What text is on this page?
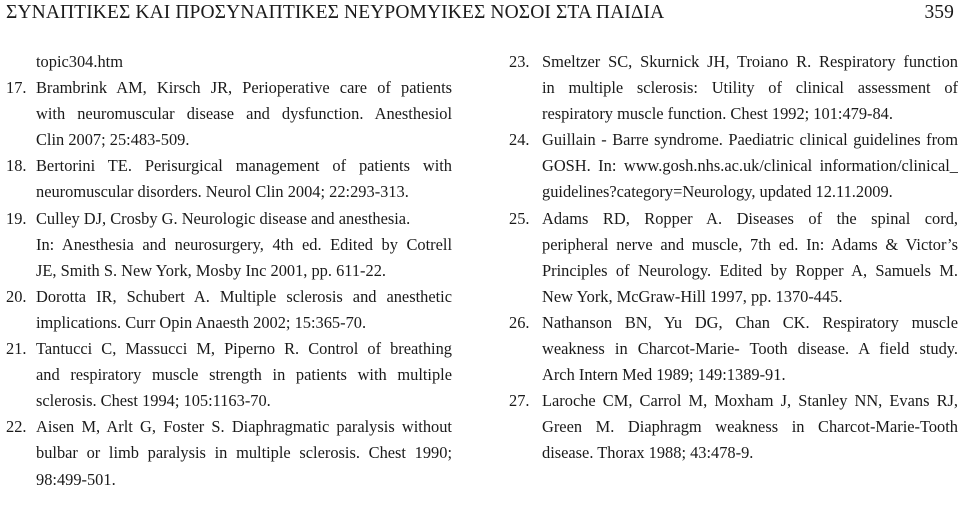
ΣΥΝΑΠΤΙΚΕΣ ΚΑΙ ΠΡΟΣΥΝΑΠΤΙΚΕΣ ΝΕΥΡΟΜΥΙΚΕΣ ΝΟΣΟΙ ΣΤΑ ΠΑΙΔΙΑ	359
topic304.htm
17. Brambrink AM, Kirsch JR, Perioperative care of patients
with neuromuscular disease and dysfunction. Anesthesiol
Clin 2007; 25:483-509.
18. Bertorini TE. Perisurgical management of patients with
neuromuscular disorders. Neurol Clin 2004; 22:293-313.
19. Culley DJ, Crosby G. Neurologic disease and anesthesia.
In: Anesthesia and neurosurgery, 4th ed. Edited by Cotrell
JE, Smith S. New York, Mosby Inc 2001, pp. 611-22.
20. Dorotta IR, Schubert A. Multiple sclerosis and anesthetic
implications. Curr Opin Anaesth 2002; 15:365-70.
21. Tantucci C, Massucci M, Piperno R. Control of breathing
and respiratory muscle strength in patients with multiple
sclerosis. Chest 1994; 105:1163-70.
22. Aisen M, Arlt G, Foster S. Diaphragmatic paralysis without
bulbar or limb paralysis in multiple sclerosis. Chest 1990;
98:499-501.
23. Smeltzer SC, Skurnick JH, Troiano R. Respiratory function
in multiple sclerosis: Utility of clinical assessment of
respiratory muscle function. Chest 1992; 101:479-84.
24. Guillain - Barre syndrome. Paediatric clinical guidelines from
GOSH. In: www.gosh.nhs.ac.uk/clinical information/clinical_
guidelines?category=Neurology, updated 12.11.2009.
25. Adams RD, Ropper A. Diseases of the spinal cord,
peripheral nerve and muscle, 7th ed. In: Adams & Victor’s
Principles of Neurology. Edited by Ropper A, Samuels M.
New York, McGraw-Hill 1997, pp. 1370-445.
26. Nathanson BN, Yu DG, Chan CK. Respiratory muscle
weakness in Charcot-Marie- Tooth disease. A field study.
Arch Intern Med 1989; 149:1389-91.
27. Laroche CM, Carrol M, Moxham J, Stanley NN, Evans RJ,
Green M. Diaphragm weakness in Charcot-Marie-Tooth
disease. Thorax 1988; 43:478-9.
